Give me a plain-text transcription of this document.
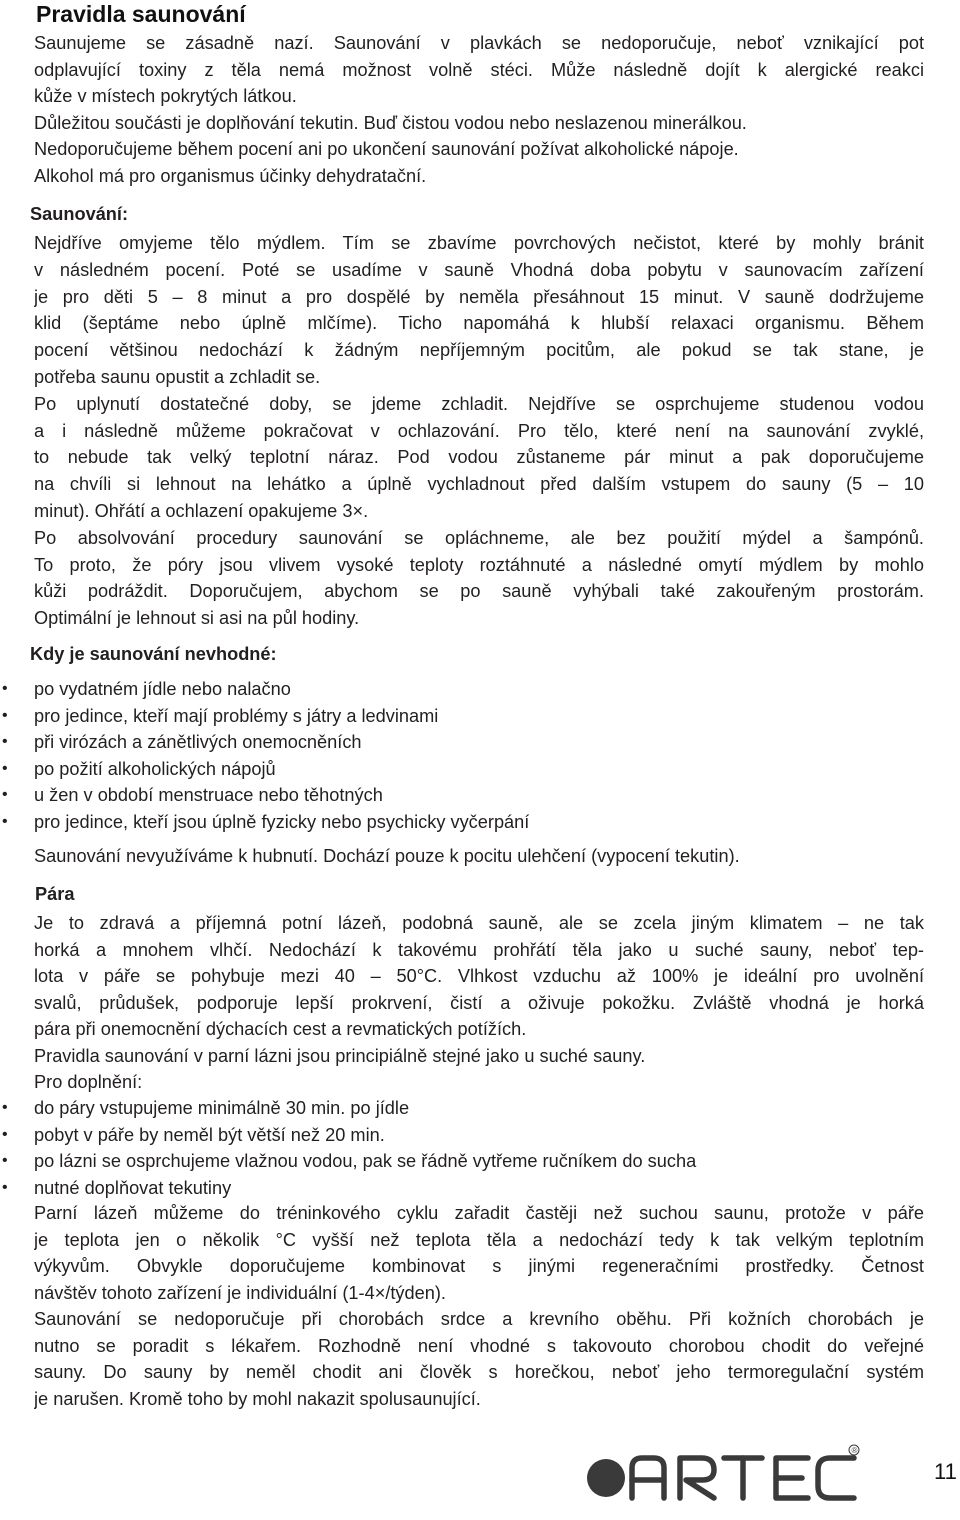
Pravidla saunování
Saunujeme se zásadně nazí. Saunování v plavkách se nedoporučuje, neboť vznikající pot
odplavující toxiny z těla nemá možnost volně stéci. Může následně dojít k alergické reakci
kůže v místech pokrytých látkou.
Důležitou součásti je doplňování tekutin. Buď čistou vodou nebo neslazenou minerálkou.
Nedoporučujeme během pocení ani po ukončení saunování požívat alkoholické nápoje.
Alkohol má pro organismus účinky dehydratační.
Saunování:
Nejdříve omyjeme tělo mýdlem. Tím se zbavíme povrchových nečistot, které by mohly bránit
v následném pocení. Poté se usadíme v sauně Vhodná doba pobytu v saunovacím zařízení
je pro děti 5 – 8 minut a pro dospělé by neměla přesáhnout 15 minut. V sauně dodržujeme
klid (šeptáme nebo úplně mlčíme). Ticho napomáhá k hlubší relaxaci organismu. Během
pocení většinou nedochází k žádným nepříjemným pocitům, ale pokud se tak stane, je
potřeba saunu opustit a zchladit se.
Po uplynutí dostatečné doby, se jdeme zchladit. Nejdříve se osprchujeme studenou vodou
a i následně můžeme pokračovat v ochlazování. Pro tělo, které není na saunování zvyklé,
to nebude tak velký teplotní náraz. Pod vodou zůstaneme pár minut a pak doporučujeme
na chvíli si lehnout na lehátko a úplně vychladnout před dalším vstupem do sauny (5 – 10
minut). Ohřátí a ochlazení opakujeme 3×.
Po absolvování procedury saunování se opláchneme, ale bez použití mýdel a šampónů.
To proto, že póry jsou vlivem vysoké teploty roztáhnuté a následné omytí mýdlem by mohlo
kůži podráždit. Doporučujem, abychom se po sauně vyhýbali také zakouřeným prostorám.
Optimální je lehnout si asi na půl hodiny.
Kdy je saunování nevhodné:
• po vydatném jídle nebo nalačno
• pro jedince, kteří mají problémy s játry a ledvinami
• při virózách a zánětlivých onemocněních
• po požití alkoholických nápojů
• u žen v období menstruace nebo těhotných
• pro jedince, kteří jsou úplně fyzicky nebo psychicky vyčerpání
Saunování nevyužíváme k hubnutí. Dochází pouze k pocitu ulehčení (vypocení tekutin).
Pára
Je to zdravá a příjemná potní lázeň, podobná sauně, ale se zcela jiným klimatem – ne tak
horká a mnohem vlhčí. Nedochází k takovému prohřátí těla jako u suché sauny, neboť tep-
lota v páře se pohybuje mezi 40 – 50°C. Vlhkost vzduchu až 100% je ideální pro uvolnění
svalů, průdušek, podporuje lepší prokrvení, čistí a oživuje pokožku. Zvláště vhodná je horká
pára při onemocnění dýchacích cest a revmatických potížích.
Pravidla saunování v parní lázni jsou principiálně stejné jako u suché sauny.
Pro doplnění:
• do páry vstupujeme minimálně 30 min. po jídle
• pobyt v páře by neměl být větší než 20 min.
• po lázni se osprchujeme vlažnou vodou, pak se řádně vytřeme ručníkem do sucha
• nutné doplňovat tekutiny
Parní lázeň můžeme do tréninkového cyklu zařadit častěji než suchou saunu, protože v páře
je teplota jen o několik °C vyšší než teplota těla a nedochází tedy k tak velkým teplotním
výkyvům. Obvykle doporučujeme kombinovat s jinými regeneračními prostředky. Četnost
návštěv tohoto zařízení je individuální (1-4×/týden).
Saunování se nedoporučuje při chorobách srdce a krevního oběhu. Při kožních chorobách je
nutno se poradit s lékařem. Rozhodně není vhodné s takovouto chorobou chodit do veřejné
sauny. Do sauny by neměl chodit ani člověk s horečkou, neboť jeho termoregulační systém
je narušen. Kromě toho by mohl nakazit spolusaunující.
®
ARTEC
11
